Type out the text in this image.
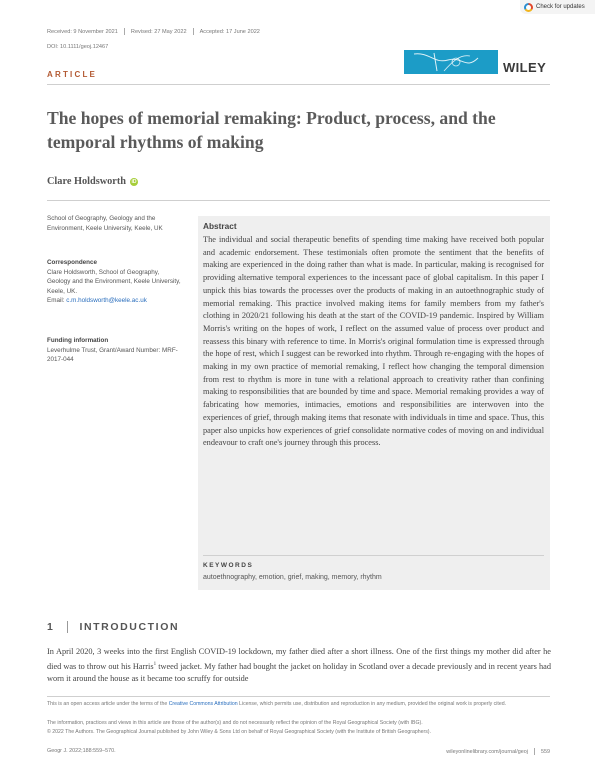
Received: 9 November 2021 Revised: 27 May 2022 Accepted: 17 June 2022
DOI: 10.1111/geoj.12467
Check for updates
ARTICLE	WILEY
The hopes of memorial remaking: Product, process, and the temporal rhythms of making
Clare Holdsworth	iD
School of Geography, Geology and the Environment, Keele University, Keele, UK
Correspondence
Clare Holdsworth, School of Geography, Geology and the Environment, Keele University, Keele, UK.
Email: c.m.holdsworth@keele.ac.uk
Funding information
Leverhulme Trust, Grant/Award Number: MRF-2017-044
Abstract
The individual and social therapeutic benefits of spending time making have received both popular and academic endorsement. These testimonials often promote the sentiment that the benefits of making are experienced in the doing rather than what is made. In particular, making is recognised for providing alternative temporal experiences to the incessant pace of global capitalism. In this paper I unpick this bias towards the processes over the products of making in an autoethnographic study of memorial remaking. This practice involved making items for family members from my father's clothing in 2020/21 following his death at the start of the COVID-19 pandemic. Inspired by William Morris's writing on the hopes of work, I reflect on the assumed value of process over product and reassess this binary with reference to time. In Morris's original formulation time is expressed through the hope of rest, which I suggest can be reworked into rhythm. Through re-engaging with the hopes of making in my own practice of memorial remaking, I reflect how changing the temporal dimension from rest to rhythm is more in tune with a relational approach to creativity rather than confining making to responsibilities that are bounded by time and space. Memorial remaking provides a way of fabricating how memories, intimacies, emotions and responsibilities are interwoven into the experiences of grief, through making items that resonate with individuals in time and space. Thus, this paper also unpicks how experiences of grief consolidate normative codes of moving on and individual endeavour to craft one's journey through this process.
KEYWORDS
autoethnography, emotion, grief, making, memory, rhythm
1 INTRODUCTION
In April 2020, 3 weeks into the first English COVID-19 lockdown, my father died after a short illness. One of the first things my mother did after he died was to throw out his Harris$^1$ tweed jacket. My father had bought the jacket on holiday in Scotland over a decade previously and in recent years had worn it around the house as it became too scruffy for outside
This is an open access article under the terms of the Creative Commons Attribution License, which permits use, distribution and reproduction in any medium, provided the original work is properly cited.
The information, practices and views in this article are those of the author(s) and do not necessarily reflect the opinion of the Royal Geographical Society (with IBG).
© 2022 The Authors. The Geographical Journal published by John Wiley & Sons Ltd on behalf of Royal Geographical Society (with the Institute of British Geographers).
Geogr J. 2022;188:559–570.	wileyonlinelibrary.com/journal/geoj 559
